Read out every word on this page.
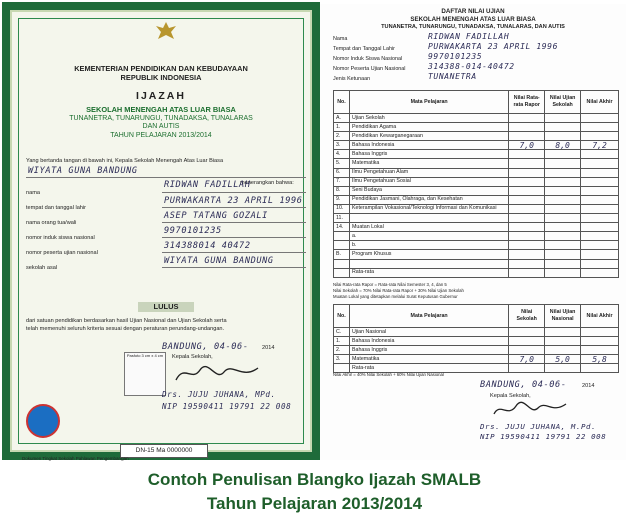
KEMENTERIAN PENDIDIKAN DAN KEBUDAYAAN
REPUBLIK INDONESIA
IJAZAH
SEKOLAH MENENGAH ATAS LUAR BIASA
TUNANETRA, TUNARUNGU, TUNADAKSA, TUNALARAS
DAN AUTIS
TAHUN PELAJARAN 2013/2014
Yang bertanda tangan di bawah ini, Kepala Sekolah Menengah Atas Luar Biasa
WIYATA GUNA BANDUNG
menerangkan bahwa:
nama
RIDWAN FADILLAH
tempat dan tanggal lahir
PURWAKARTA 23 APRIL 1996
nama orang tua/wali
ASEP TATANG GOZALI
nomor induk siswa nasional
9970101235
nomor peserta ujian nasional
314388014 40472
sekolah asal
WIYATA GUNA BANDUNG
LULUS
dari satuan pendidikan berdasarkan hasil Ujian Nasional dan Ujian Sekolah serta
telah memenuhi seluruh kriteria sesuai dengan peraturan perundang-undangan.
BANDUNG, 04-06- 2014
Kepala Sekolah,
Pasfoto 3 cm x 4 cm
Drs. JUJU JUHANA, MPd.
NIP 19590411 19791 22 008
DN-15 Ma 0000000
Dokumen Tingkat Sekolah Pahlawan Pengembangan
DAFTAR NILAI UJIAN
SEKOLAH MENENGAH ATAS LUAR BIASA
TUNANETRA, TUNARUNGU, TUNADAKSA, TUNALARAS, DAN AUTIS
Nama	RIDWAN FADILLAH
Tempat dan Tanggal Lahir	PURWAKARTA 23 APRIL 1996
Nomor Induk Siswa Nasional	9970101235
Nomor Peserta Ujian Nasional	314388-014-40472
Jenis Ketunaan	TUNANETRA
No.	Mata Pelajaran	Nilai Rata-rata Rapor	Nilai Ujian Sekolah	Nilai Akhir
A.	Ujian Sekolah			
1.	Pendidikan Agama			
2.	Pendidikan Kewarganegaraan			
3.	Bahasa Indonesia	7,0	8,0	7,2
4.	Bahasa Inggris			
5.	Matematika			
6.	Ilmu Pengetahuan Alam			
7.	Ilmu Pengetahuan Sosial			
8.	Seni Budaya			
9.	Pendidikan Jasmani, Olahraga, dan Kesehatan			
10.	Keterampilan Vokasional/Teknologi Informasi dan Komunikasi			
11.				
14.	Muatan Lokal			
	a.			
	b.			
B.	Program Khusus			

	Rata-rata			
Nilai Rata-rata Rapor = Rata-rata Nilai Semester 3, 4, dan 5
Nilai Sekolah = 70% Nilai Rata-rata Rapor + 30% Nilai Ujian Sekolah
Muatan Lokal yang ditetapkan melalui Surat Keputusan Gubernur
No.	Mata Pelajaran	Nilai Sekolah	Nilai Ujian Nasional	Nilai Akhir
C.	Ujian Nasional			
1.	Bahasa Indonesia			
2.	Bahasa Inggris			
3.	Matematika	7,0	5,0	5,8
	Rata-rata			
Nilai Akhir = 40% Nilai Sekolah + 60% Nilai Ujian Nasional
BANDUNG, 04-06-	2014
Kepala Sekolah,
Drs. JUJU JUHANA, M.Pd.
NIP 19590411 19791 22 008
Contoh Penulisan Blangko Ijazah SMALB
Tahun Pelajaran 2013/2014
